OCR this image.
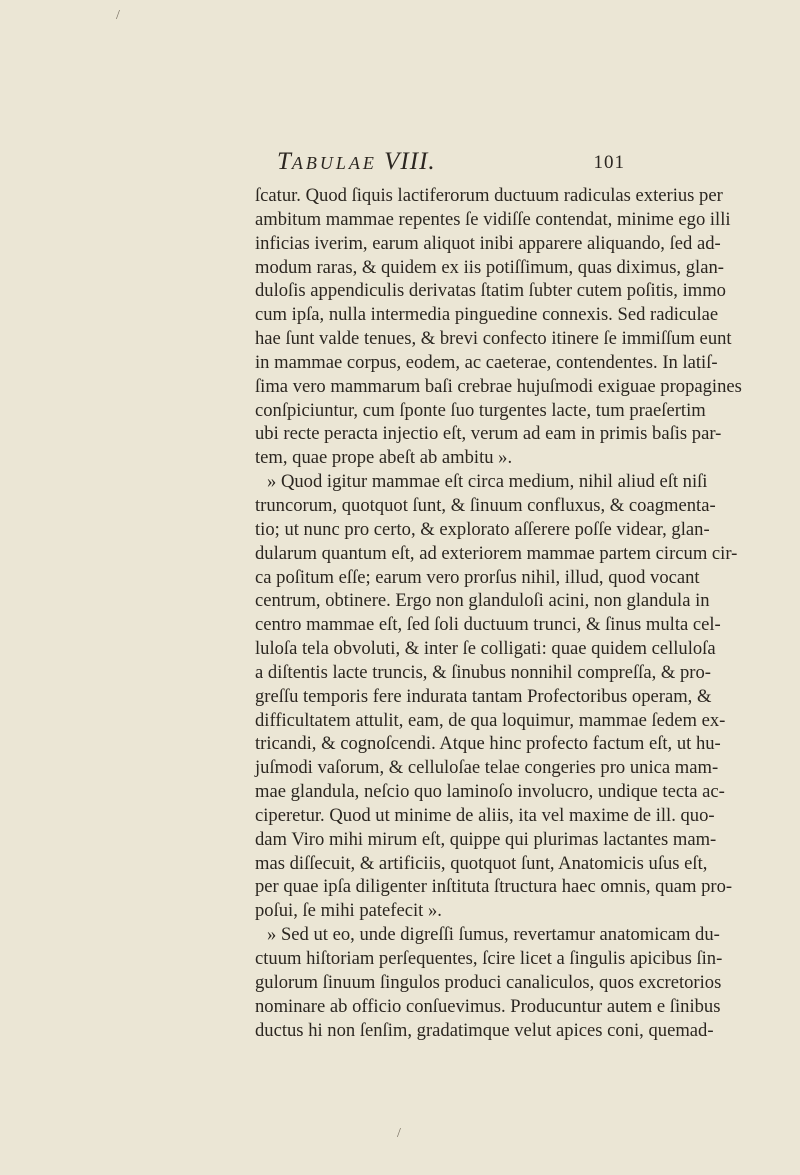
/
/
TABULAE VIII.	101
ſcatur. Quod ſiquis lactiferorum ductuum radiculas exterius per
ambitum mammae repentes ſe vidiſſe contendat, minime ego illi
inficias iverim, earum aliquot inibi apparere aliquando, ſed ad-
modum raras, & quidem ex iis potiſſimum, quas diximus, glan-
duloſis appendiculis derivatas ſtatim ſubter cutem poſitis, immo
cum ipſa, nulla intermedia pinguedine connexis. Sed radiculae
hae ſunt valde tenues, & brevi confecto itinere ſe immiſſum eunt
in mammae corpus, eodem, ac caeterae, contendentes. In latiſ-
ſima vero mammarum baſi crebrae hujuſmodi exiguae propagines
conſpiciuntur, cum ſponte ſuo turgentes lacte, tum praeſertim
ubi recte peracta injectio eſt, verum ad eam in primis baſis par-
tem, quae prope abeſt ab ambitu ».
» Quod igitur mammae eſt circa medium, nihil aliud eſt niſi
truncorum, quotquot ſunt, & ſinuum confluxus, & coagmenta-
tio; ut nunc pro certo, & explorato aſſerere poſſe videar, glan-
dularum quantum eſt, ad exteriorem mammae partem circum cir-
ca poſitum eſſe; earum vero prorſus nihil, illud, quod vocant
centrum, obtinere. Ergo non glanduloſi acini, non glandula in
centro mammae eſt, ſed ſoli ductuum trunci, & ſinus multa cel-
luloſa tela obvoluti, & inter ſe colligati: quae quidem celluloſa
a diſtentis lacte truncis, & ſinubus nonnihil compreſſa, & pro-
greſſu temporis fere indurata tantam Profectoribus operam, &
difficultatem attulit, eam, de qua loquimur, mammae ſedem ex-
tricandi, & cognoſcendi. Atque hinc profecto factum eſt, ut hu-
juſmodi vaſorum, & celluloſae telae congeries pro unica mam-
mae glandula, neſcio quo laminoſo involucro, undique tecta ac-
ciperetur. Quod ut minime de aliis, ita vel maxime de ill. quo-
dam Viro mihi mirum eſt, quippe qui plurimas lactantes mam-
mas diſſecuit, & artificiis, quotquot ſunt, Anatomicis uſus eſt,
per quae ipſa diligenter inſtituta ſtructura haec omnis, quam pro-
poſui, ſe mihi patefecit ».
» Sed ut eo, unde digreſſi ſumus, revertamur anatomicam du-
ctuum hiſtoriam perſequentes, ſcire licet a ſingulis apicibus ſin-
gulorum ſinuum ſingulos produci canaliculos, quos excretorios
nominare ab officio conſuevimus. Producuntur autem e ſinibus
ductus hi non ſenſim, gradatimque velut apices coni, quemad-
